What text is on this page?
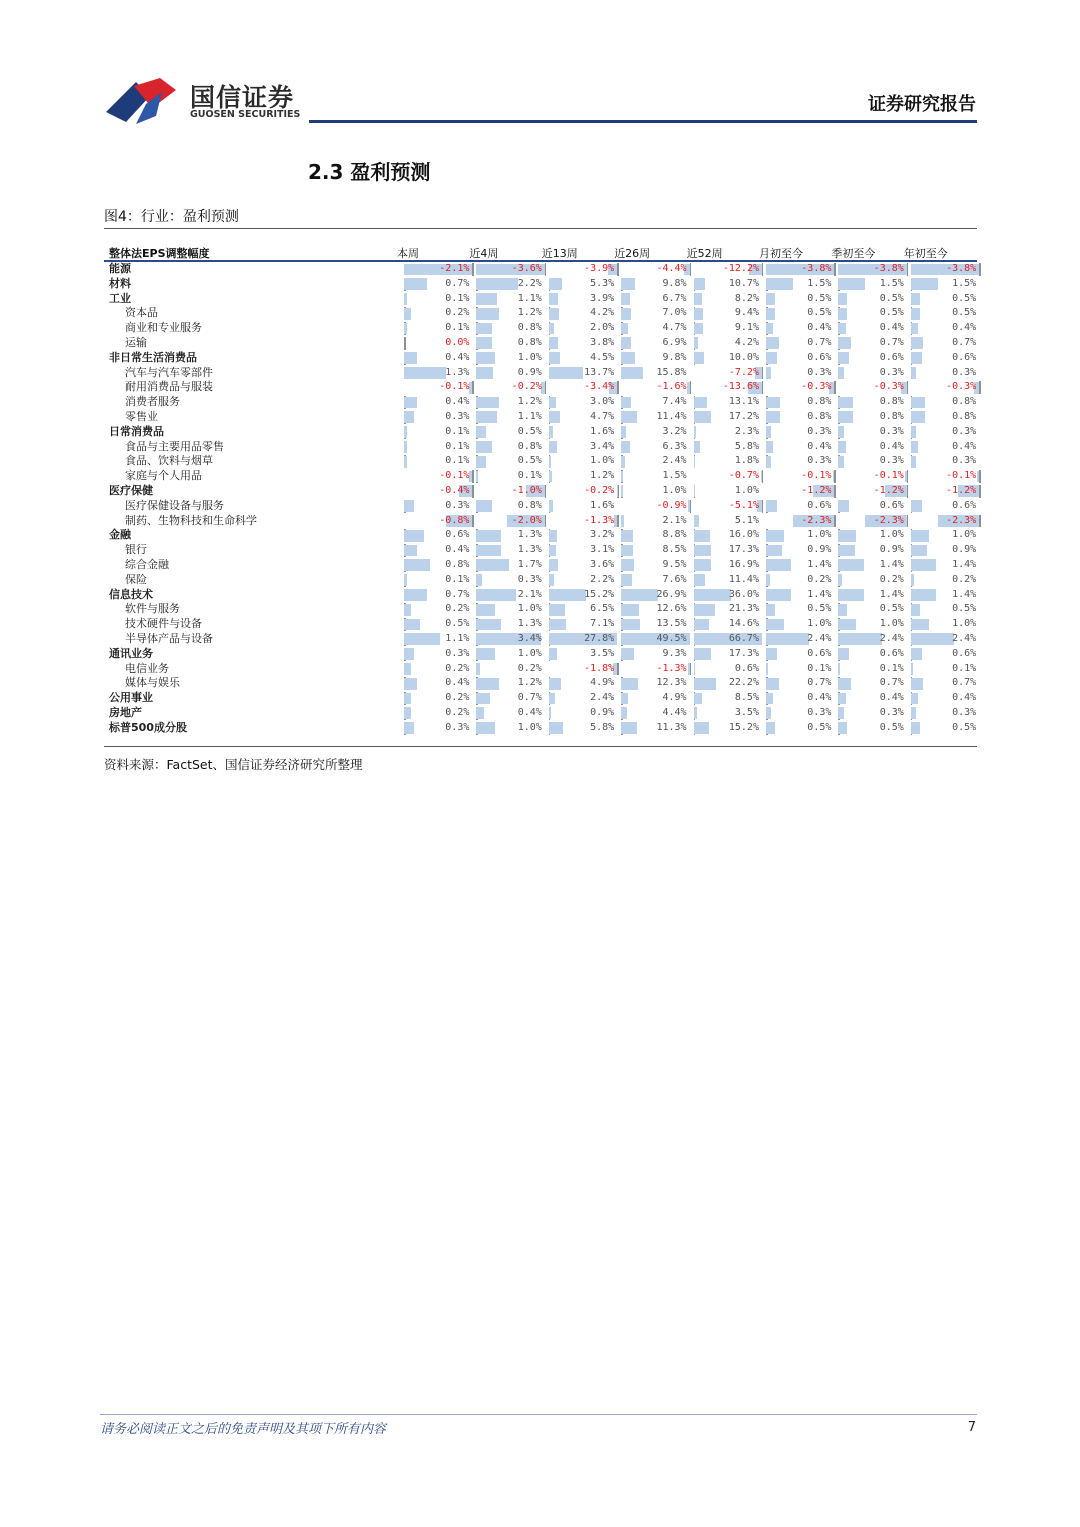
国信证券
GUOSEN SECURITIES	证券研究报告
2.3 盈利预测
图4：行业：盈利预测
整体法EPS调整幅度	本周	近4周	近13周	近26周	近52周	月初至今	季初至今	年初至今
能源	-2.1%	-3.6%	-3.9%	-4.4%	-12.2%	-3.8%	-3.8%	-3.8%
材料	0.7%	2.2%	5.3%	9.8%	10.7%	1.5%	1.5%	1.5%
工业	0.1%	1.1%	3.9%	6.7%	8.2%	0.5%	0.5%	0.5%
资本品	0.2%	1.2%	4.2%	7.0%	9.4%	0.5%	0.5%	0.5%
商业和专业服务	0.1%	0.8%	2.0%	4.7%	9.1%	0.4%	0.4%	0.4%
运输	0.0%	0.8%	3.8%	6.9%	4.2%	0.7%	0.7%	0.7%
非日常生活消费品	0.4%	1.0%	4.5%	9.8%	10.0%	0.6%	0.6%	0.6%
汽车与汽车零部件	1.3%	0.9%	13.7%	15.8%	-7.2%	0.3%	0.3%	0.3%
耐用消费品与服装	-0.1%	-0.2%	-3.4%	-1.6%	-13.6%	-0.3%	-0.3%	-0.3%
消费者服务	0.4%	1.2%	3.0%	7.4%	13.1%	0.8%	0.8%	0.8%
零售业	0.3%	1.1%	4.7%	11.4%	17.2%	0.8%	0.8%	0.8%
日常消费品	0.1%	0.5%	1.6%	3.2%	2.3%	0.3%	0.3%	0.3%
食品与主要用品零售	0.1%	0.8%	3.4%	6.3%	5.8%	0.4%	0.4%	0.4%
食品、饮料与烟草	0.1%	0.5%	1.0%	2.4%	1.8%	0.3%	0.3%	0.3%
家庭与个人用品	-0.1%	0.1%	1.2%	1.5%	-0.7%	-0.1%	-0.1%	-0.1%
医疗保健	-0.4%	-1.0%	-0.2%	1.0%	1.0%	-1.2%	-1.2%	-1.2%
医疗保健设备与服务	0.3%	0.8%	1.6%	-0.9%	-5.1%	0.6%	0.6%	0.6%
制药、生物科技和生命科学	-0.8%	-2.0%	-1.3%	2.1%	5.1%	-2.3%	-2.3%	-2.3%
金融	0.6%	1.3%	3.2%	8.8%	16.0%	1.0%	1.0%	1.0%
银行	0.4%	1.3%	3.1%	8.5%	17.3%	0.9%	0.9%	0.9%
综合金融	0.8%	1.7%	3.6%	9.5%	16.9%	1.4%	1.4%	1.4%
保险	0.1%	0.3%	2.2%	7.6%	11.4%	0.2%	0.2%	0.2%
信息技术	0.7%	2.1%	15.2%	26.9%	36.0%	1.4%	1.4%	1.4%
软件与服务	0.2%	1.0%	6.5%	12.6%	21.3%	0.5%	0.5%	0.5%
技术硬件与设备	0.5%	1.3%	7.1%	13.5%	14.6%	1.0%	1.0%	1.0%
半导体产品与设备	1.1%	3.4%	27.8%	49.5%	66.7%	2.4%	2.4%	2.4%
通讯业务	0.3%	1.0%	3.5%	9.3%	17.3%	0.6%	0.6%	0.6%
电信业务	0.2%	0.2%	-1.8%	-1.3%	0.6%	0.1%	0.1%	0.1%
媒体与娱乐	0.4%	1.2%	4.9%	12.3%	22.2%	0.7%	0.7%	0.7%
公用事业	0.2%	0.7%	2.4%	4.9%	8.5%	0.4%	0.4%	0.4%
房地产	0.2%	0.4%	0.9%	4.4%	3.5%	0.3%	0.3%	0.3%
标普500成分股	0.3%	1.0%	5.8%	11.3%	15.2%	0.5%	0.5%	0.5%
资料来源：FactSet、国信证券经济研究所整理
请务必阅读正文之后的免责声明及其项下所有内容	7
